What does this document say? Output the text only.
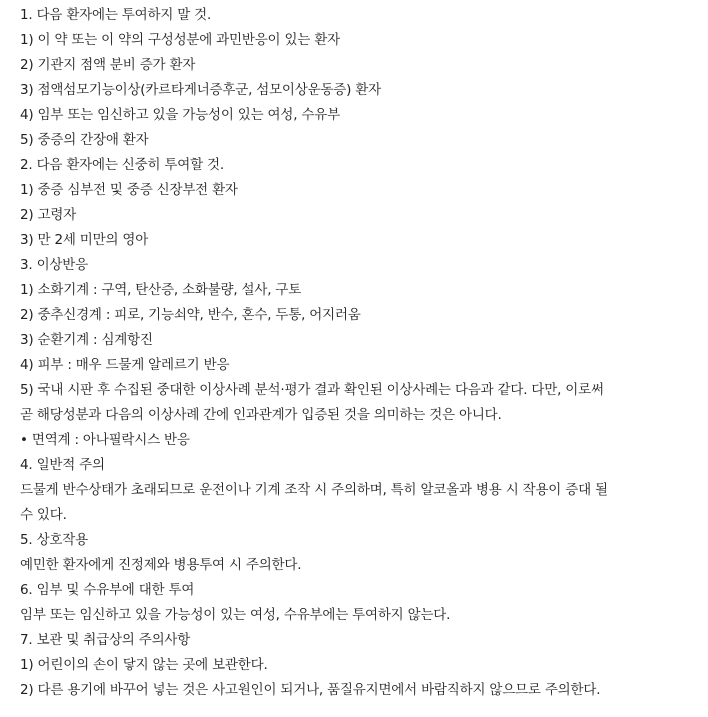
1. 다음 환자에는 투여하지 말 것.
1) 이 약 또는 이 약의 구성성분에 과민반응이 있는 환자
2) 기관지 점액 분비 증가 환자
3) 점액섬모기능이상(카르타게너증후군, 섬모이상운동증) 환자
4) 임부 또는 임신하고 있을 가능성이 있는 여성, 수유부
5) 중증의 간장애 환자
2. 다음 환자에는 신중히 투여할 것.
1) 중증 심부전 및 중증 신장부전 환자
2) 고령자
3) 만 2세 미만의 영아
3. 이상반응
1) 소화기계 : 구역, 탄산증, 소화불량, 설사, 구토
2) 중추신경계 : 피로, 기능쇠약, 반수, 혼수, 두통, 어지러움
3) 순환기계 : 심계항진
4) 피부 : 매우 드물게 알레르기 반응
5) 국내 시판 후 수집된 중대한 이상사례 분석·평가 결과 확인된 이상사례는 다음과 같다. 다만, 이로써
곧 해당성분과 다음의 이상사례 간에 인과관계가 입증된 것을 의미하는 것은 아니다.
• 면역계 : 아나필락시스 반응
4. 일반적 주의
드물게 반수상태가 초래되므로 운전이나 기계 조작 시 주의하며, 특히 알코올과 병용 시 작용이 증대 될
수 있다.
5. 상호작용
예민한 환자에게 진정제와 병용투여 시 주의한다.
6. 임부 및 수유부에 대한 투여
임부 또는 임신하고 있을 가능성이 있는 여성, 수유부에는 투여하지 않는다.
7. 보관 및 취급상의 주의사항
1) 어린이의 손이 닿지 않는 곳에 보관한다.
2) 다른 용기에 바꾸어 넣는 것은 사고원인이 되거나, 품질유지면에서 바람직하지 않으므로 주의한다.
